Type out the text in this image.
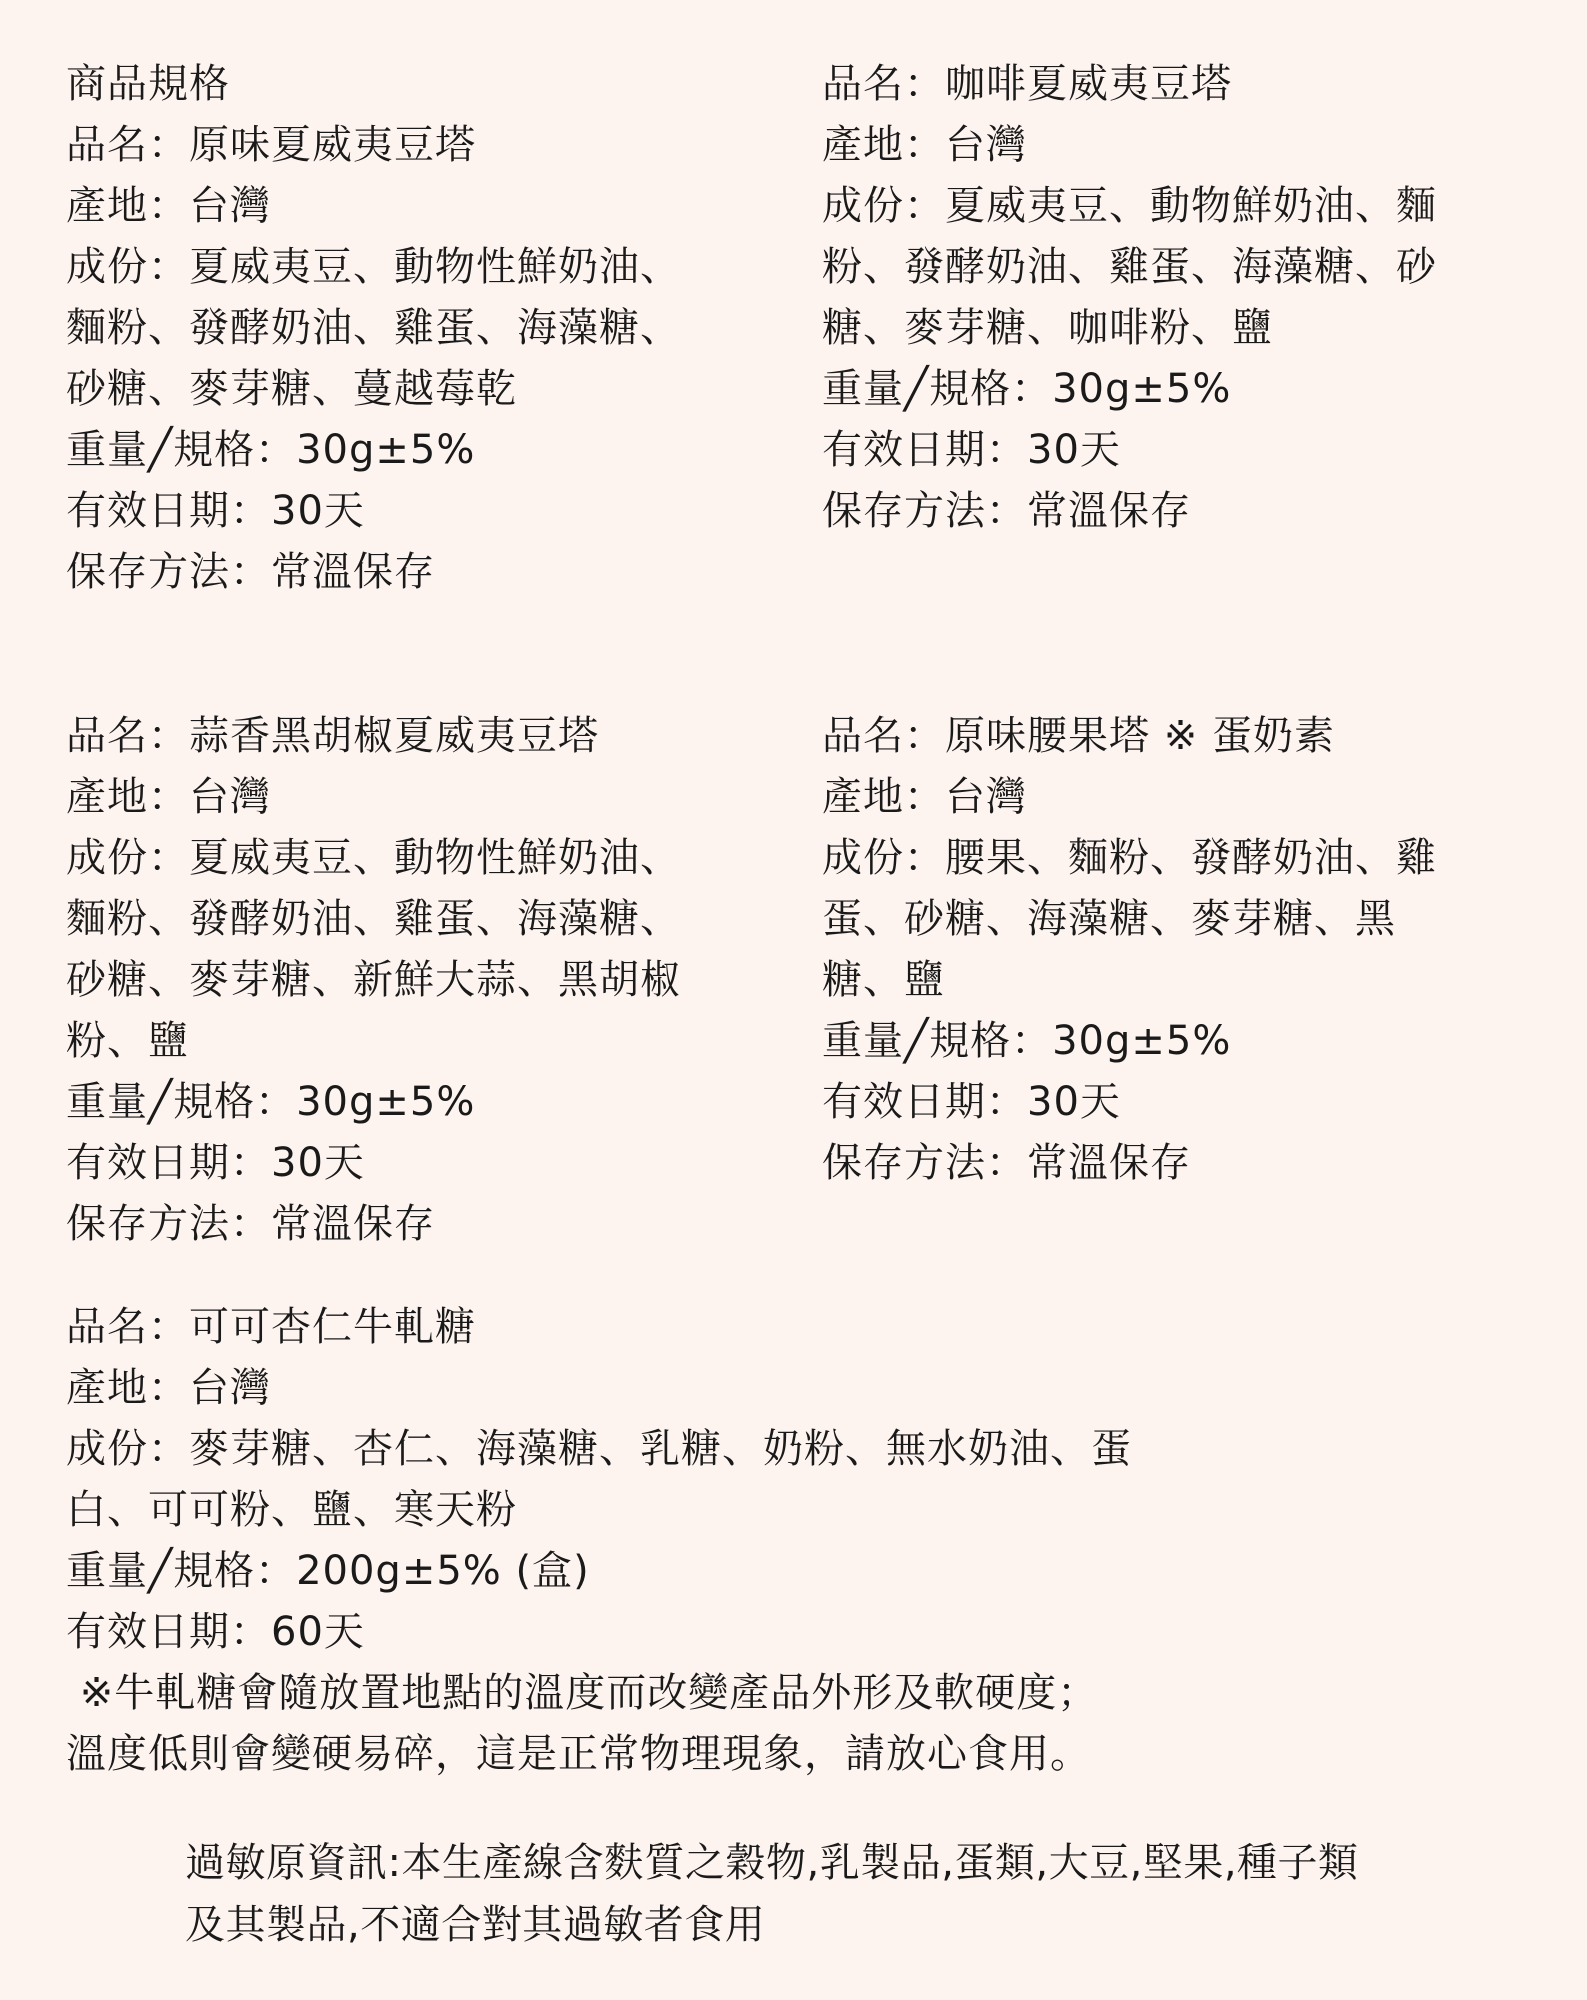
商品規格
品名：原味夏威夷豆塔
產地：台灣
成份：夏威夷豆、動物性鮮奶油、
麵粉、發酵奶油、雞蛋、海藻糖、
砂糖、麥芽糖、蔓越莓乾
重量╱規格：30g±5%
有效日期：30天
保存方法：常溫保存
品名：咖啡夏威夷豆塔
產地：台灣
成份：夏威夷豆、動物鮮奶油、麵
粉、發酵奶油、雞蛋、海藻糖、砂
糖、麥芽糖、咖啡粉、鹽
重量╱規格：30g±5%
有效日期：30天
保存方法：常溫保存
品名：蒜香黑胡椒夏威夷豆塔
產地：台灣
成份：夏威夷豆、動物性鮮奶油、
麵粉、發酵奶油、雞蛋、海藻糖、
砂糖、麥芽糖、新鮮大蒜、黑胡椒
粉、鹽
重量╱規格：30g±5%
有效日期：30天
保存方法：常溫保存
品名：原味腰果塔 ※ 蛋奶素
產地：台灣
成份：腰果、麵粉、發酵奶油、雞
蛋、砂糖、海藻糖、麥芽糖、黑
糖、鹽
重量╱規格：30g±5%
有效日期：30天
保存方法：常溫保存
品名：可可杏仁牛軋糖
產地：台灣
成份：麥芽糖、杏仁、海藻糖、乳糖、奶粉、無水奶油、蛋
白、可可粉、鹽、寒天粉
重量╱規格：200g±5% (盒)
有效日期：60天
※牛軋糖會隨放置地點的溫度而改變產品外形及軟硬度；
溫度低則會變硬易碎，這是正常物理現象，請放心食用。
過敏原資訊:本生產線含麩質之穀物,乳製品,蛋類,大豆,堅果,種子類
及其製品,不適合對其過敏者食用
